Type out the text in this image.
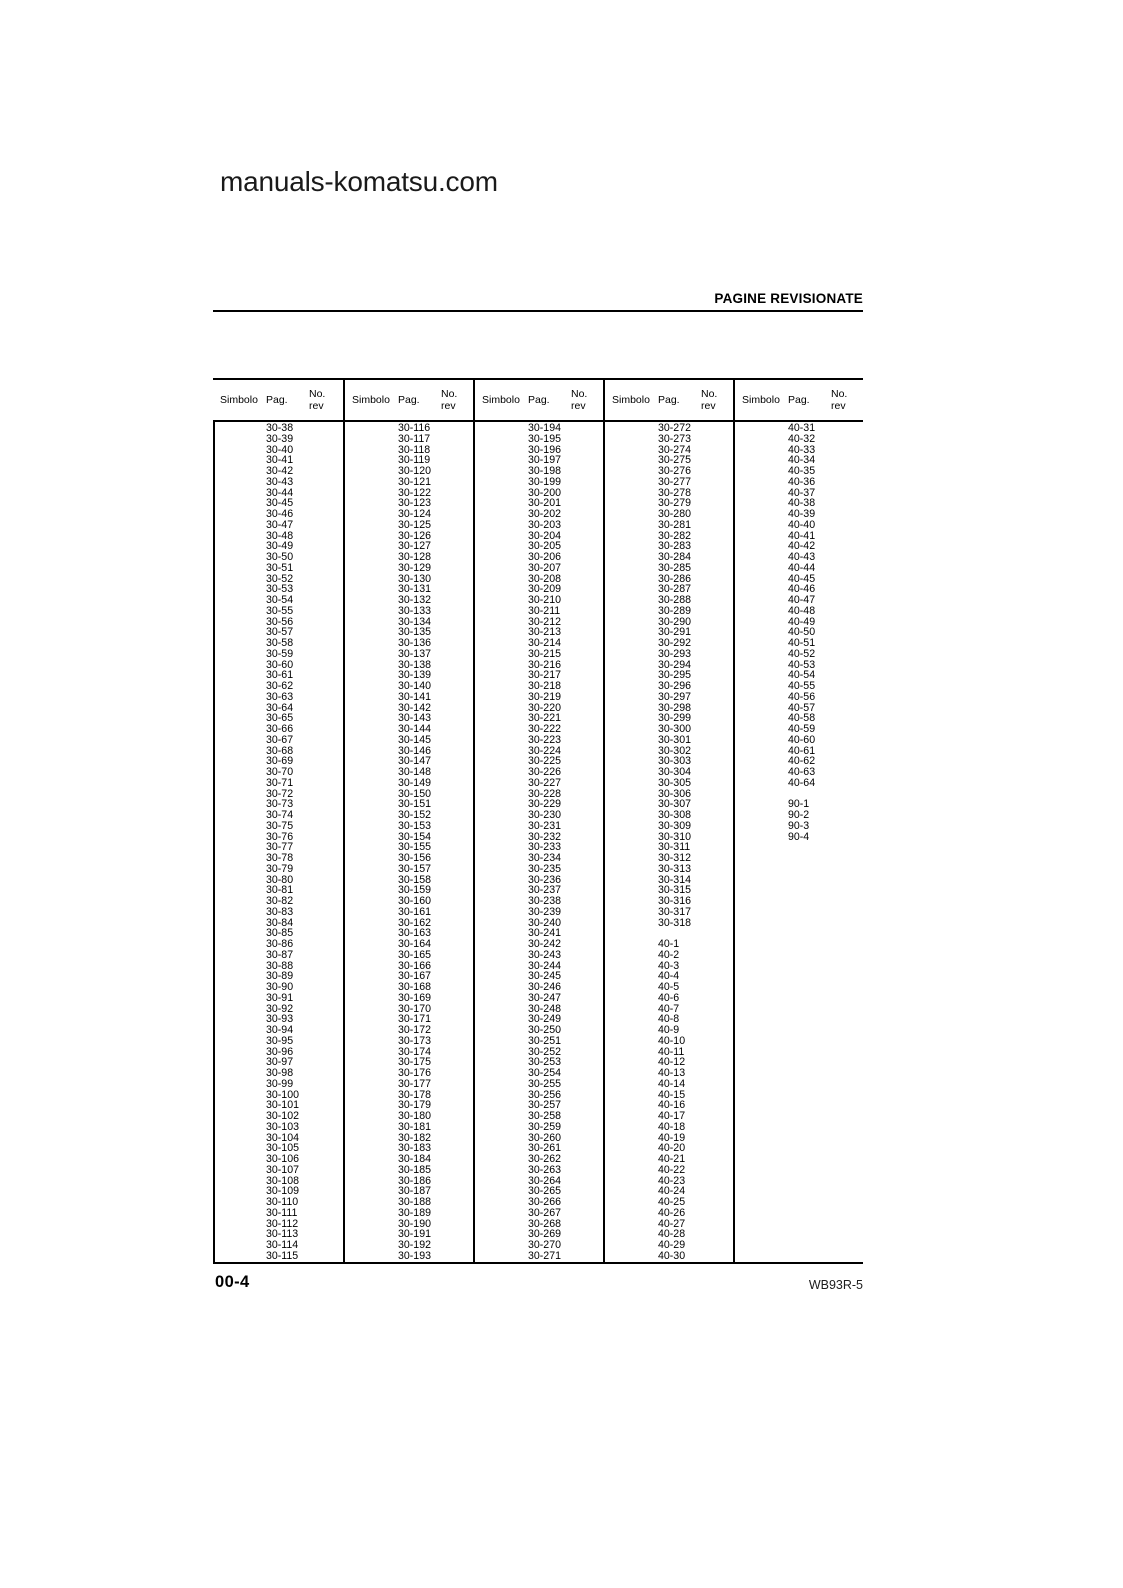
manuals-komatsu.com
PAGINE REVISIONATE
Simbolo Pag. No.
rev
30-38
30-39
30-40
30-41
30-42
30-43
30-44
30-45
30-46
30-47
30-48
30-49
30-50
30-51
30-52
30-53
30-54
30-55
30-56
30-57
30-58
30-59
30-60
30-61
30-62
30-63
30-64
30-65
30-66
30-67
30-68
30-69
30-70
30-71
30-72
30-73
30-74
30-75
30-76
30-77
30-78
30-79
30-80
30-81
30-82
30-83
30-84
30-85
30-86
30-87
30-88
30-89
30-90
30-91
30-92
30-93
30-94
30-95
30-96
30-97
30-98
30-99
30-100
30-101
30-102
30-103
30-104
30-105
30-106
30-107
30-108
30-109
30-110
30-111
30-112
30-113
30-114
30-115
Simbolo Pag. No.
rev
30-116
30-117
30-118
30-119
30-120
30-121
30-122
30-123
30-124
30-125
30-126
30-127
30-128
30-129
30-130
30-131
30-132
30-133
30-134
30-135
30-136
30-137
30-138
30-139
30-140
30-141
30-142
30-143
30-144
30-145
30-146
30-147
30-148
30-149
30-150
30-151
30-152
30-153
30-154
30-155
30-156
30-157
30-158
30-159
30-160
30-161
30-162
30-163
30-164
30-165
30-166
30-167
30-168
30-169
30-170
30-171
30-172
30-173
30-174
30-175
30-176
30-177
30-178
30-179
30-180
30-181
30-182
30-183
30-184
30-185
30-186
30-187
30-188
30-189
30-190
30-191
30-192
30-193
Simbolo Pag. No.
rev
30-194
30-195
30-196
30-197
30-198
30-199
30-200
30-201
30-202
30-203
30-204
30-205
30-206
30-207
30-208
30-209
30-210
30-211
30-212
30-213
30-214
30-215
30-216
30-217
30-218
30-219
30-220
30-221
30-222
30-223
30-224
30-225
30-226
30-227
30-228
30-229
30-230
30-231
30-232
30-233
30-234
30-235
30-236
30-237
30-238
30-239
30-240
30-241
30-242
30-243
30-244
30-245
30-246
30-247
30-248
30-249
30-250
30-251
30-252
30-253
30-254
30-255
30-256
30-257
30-258
30-259
30-260
30-261
30-262
30-263
30-264
30-265
30-266
30-267
30-268
30-269
30-270
30-271
Simbolo Pag. No.
rev
30-272
30-273
30-274
30-275
30-276
30-277
30-278
30-279
30-280
30-281
30-282
30-283
30-284
30-285
30-286
30-287
30-288
30-289
30-290
30-291
30-292
30-293
30-294
30-295
30-296
30-297
30-298
30-299
30-300
30-301
30-302
30-303
30-304
30-305
30-306
30-307
30-308
30-309
30-310
30-311
30-312
30-313
30-314
30-315
30-316
30-317
30-318
40-1
40-2
40-3
40-4
40-5
40-6
40-7
40-8
40-9
40-10
40-11
40-12
40-13
40-14
40-15
40-16
40-17
40-18
40-19
40-20
40-21
40-22
40-23
40-24
40-25
40-26
40-27
40-28
40-29
40-30
Simbolo Pag. No.
rev
40-31
40-32
40-33
40-34
40-35
40-36
40-37
40-38
40-39
40-40
40-41
40-42
40-43
40-44
40-45
40-46
40-47
40-48
40-49
40-50
40-51
40-52
40-53
40-54
40-55
40-56
40-57
40-58
40-59
40-60
40-61
40-62
40-63
40-64
90-1
90-2
90-3
90-4
00-4	WB93R-5
